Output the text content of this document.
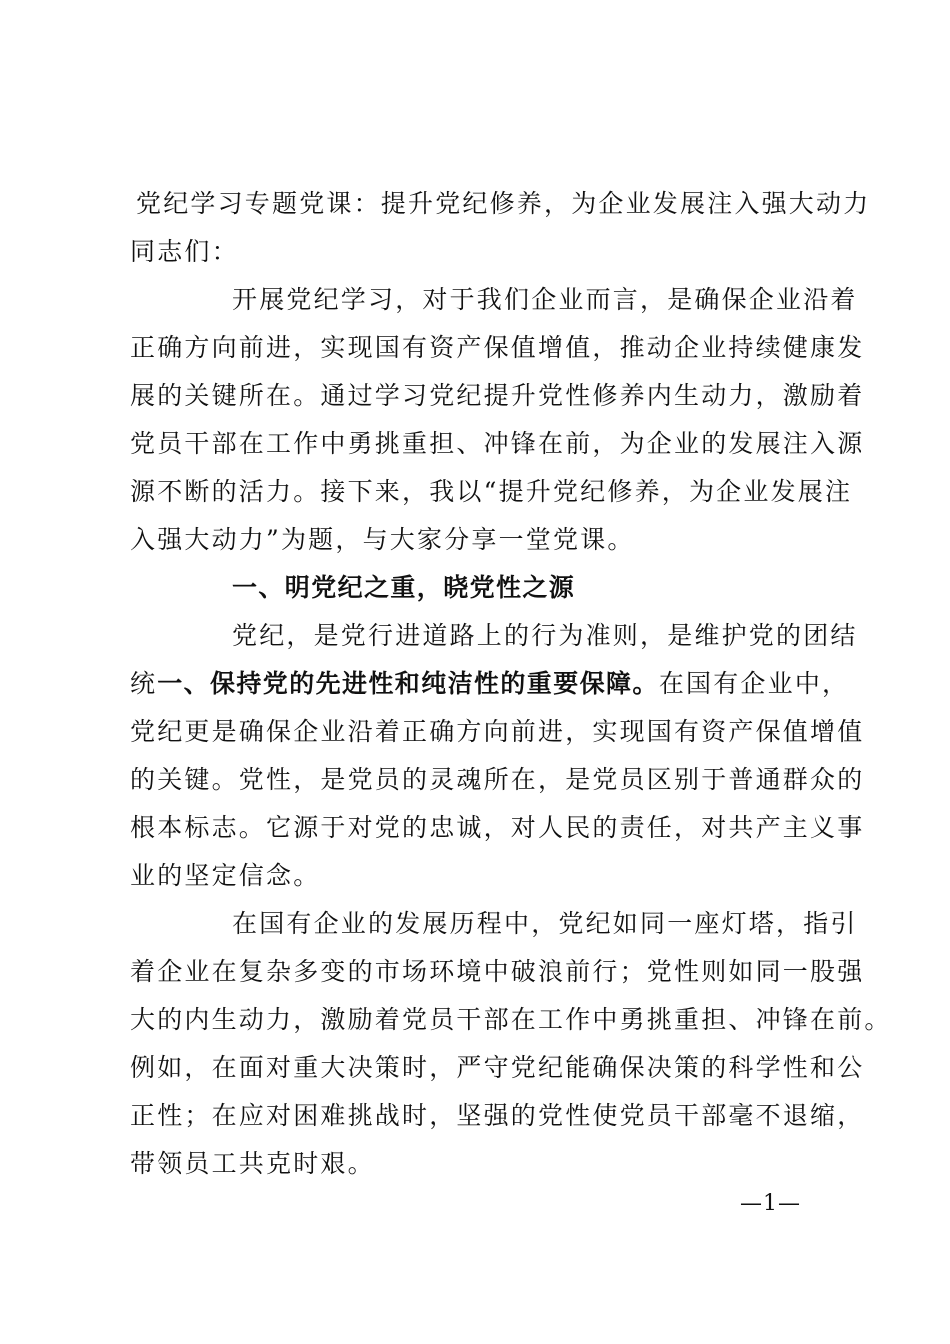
党纪学习专题党课：提升党纪修养，为企业发展注入强大动力
同志们：
开展党纪学习，对于我们企业而言，是确保企业沿着
正确方向前进，实现国有资产保值增值，推动企业持续健康发
展的关键所在。通过学习党纪提升党性修养内生动力，激励着
党员干部在工作中勇挑重担、冲锋在前，为企业的发展注入源
源不断的活力。接下来，我以“提升党纪修养，为企业发展注
入强大动力”为题，与大家分享一堂党课。
一、明党纪之重，晓党性之源
党纪，是党行进道路上的行为准则，是维护党的团结
统一、保持党的先进性和纯洁性的重要保障。在国有企业中，
党纪更是确保企业沿着正确方向前进，实现国有资产保值增值
的关键。党性，是党员的灵魂所在，是党员区别于普通群众的
根本标志。它源于对党的忠诚，对人民的责任，对共产主义事
业的坚定信念。
在国有企业的发展历程中，党纪如同一座灯塔，指引
着企业在复杂多变的市场环境中破浪前行；党性则如同一股强
大的内生动力，激励着党员干部在工作中勇挑重担、冲锋在前。
例如，在面对重大决策时，严守党纪能确保决策的科学性和公
正性；在应对困难挑战时，坚强的党性使党员干部毫不退缩，
带领员工共克时艰。
—1—
